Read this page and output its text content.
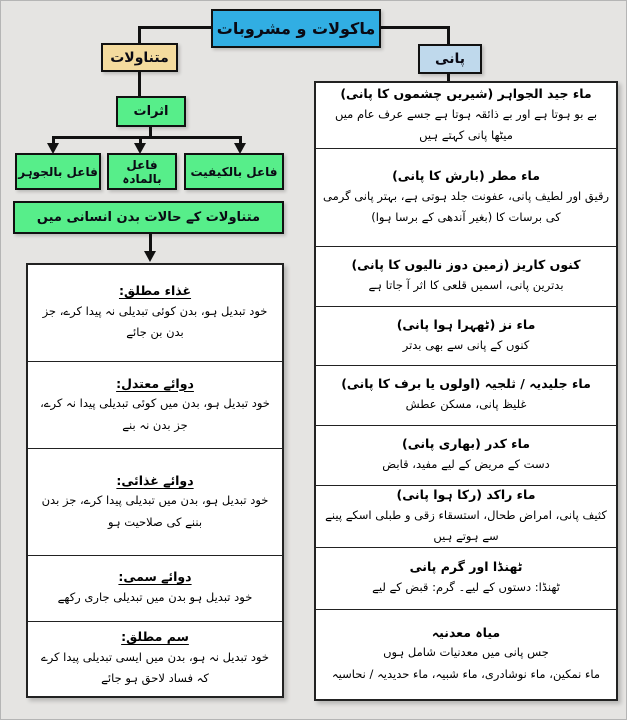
ماکولات و مشروبات
متناولات	پانی
اثرات
فاعل بالجوہر	فاعل بالمادہ	فاعل بالکیفیت
متناولات کے حالات بدن انسانی میں
غذاء مطلق:
خود تبدیل ہو، بدن کوئی تبدیلی نہ پیدا کرے، جز بدن بن جائے
دوائے معتدل:
خود تبدیل ہو، بدن میں کوئی تبدیلی پیدا نہ کرے، جز بدن نہ بنے
دوائے غذائی:
خود تبدیل ہو، بدن میں تبدیلی پیدا کرے، جز بدن بننے کی صلاحیت ہو
دوائے سمی:
خود تبدیل ہو بدن میں تبدیلی جاری رکھے
سم مطلق:
خود تبدیل نہ ہو، بدن میں ایسی تبدیلی پیدا کرے کہ فساد لاحق ہو جائے
ماء جید الجواہر (شیریں چشموں کا پانی)
بے بو ہوتا ہے اور بے ذائقہ ہوتا ہے جسے عرف عام میں میٹھا پانی کہتے ہیں
ماء مطر (بارش کا پانی)
رقیق اور لطیف پانی، عفونت جلد ہوتی ہے، بہتر پانی گرمی کی برسات کا (بغیر آندھی کے برسا ہوا)
کنوں کاریز (زمین دوز نالیوں کا پانی)
بدترین پانی، اسمیں قلعی کا اثر آ جاتا ہے
ماء نز (ٹھہرا ہوا پانی)
کنوں کے پانی سے بھی بدتر
ماء جلیدیہ / ثلجیہ (اولوں یا برف کا پانی)
غلیظ پانی، مسکن عطش
ماء کدر (بھاری پانی)
دست کے مریض کے لیے مفید، قابض
ماء راکد (رکا ہوا پانی)
کثیف پانی، امراض طحال، استسقاء زقی و طبلی اسکے پینے سے ہوتے ہیں
ٹھنڈا اور گرم پانی
ٹھنڈا: دستوں کے لیے۔ گرم: قبض کے لیے
میاہ معدنیہ
جس پانی میں معدنیات شامل ہوں
ماء نمکین، ماء نوشادری، ماء شبیہ، ماء حدیدیہ / نحاسیہ
